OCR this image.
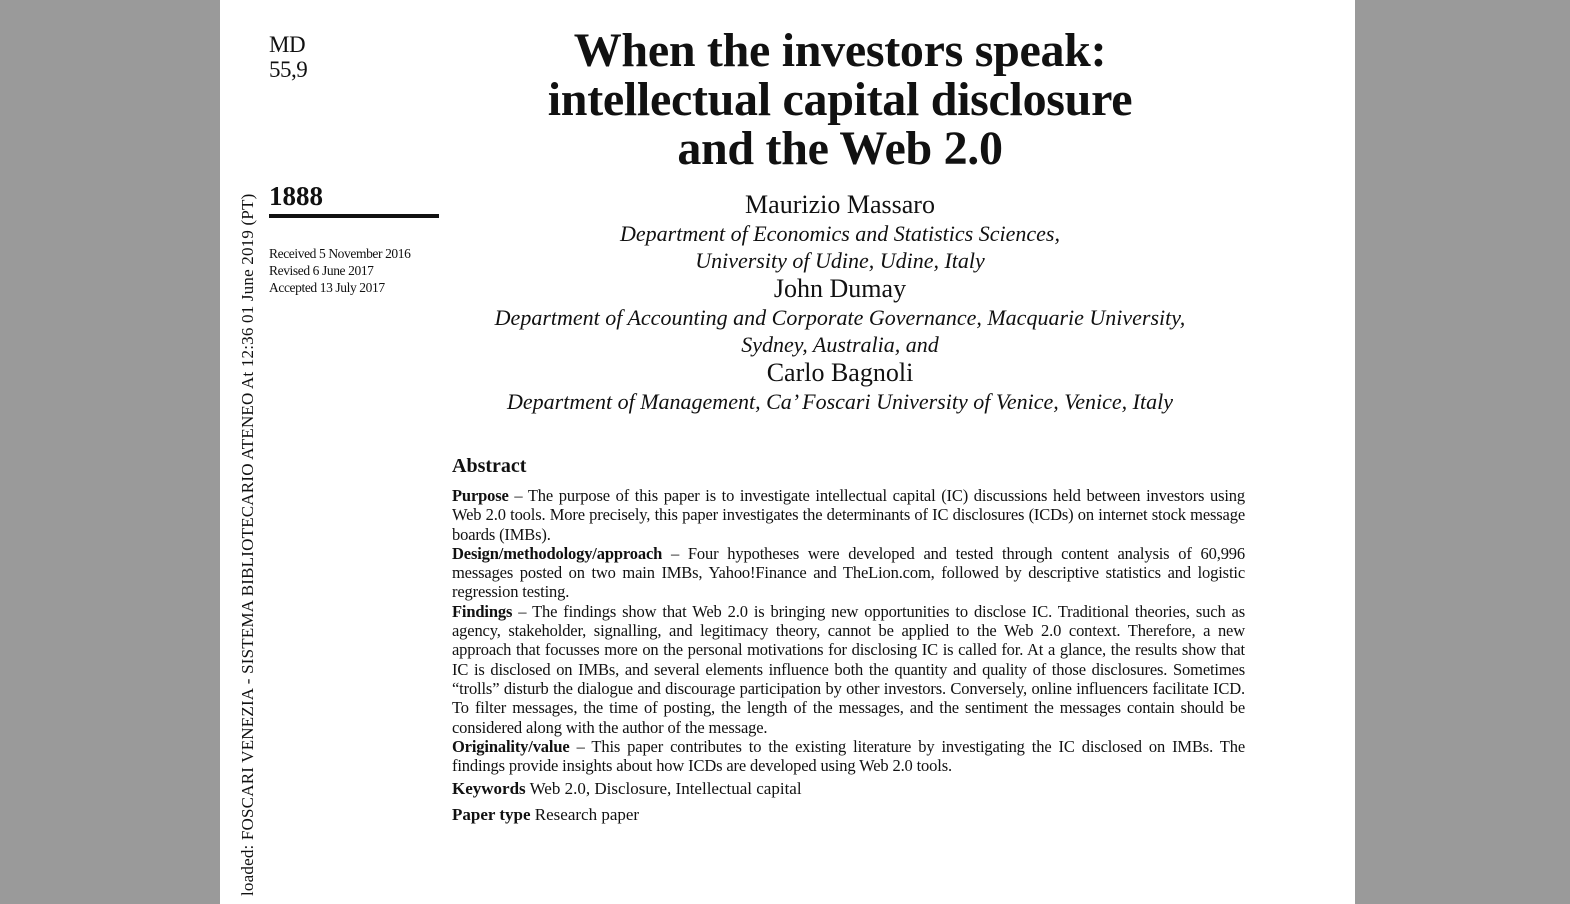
loaded: FOSCARI VENEZIA - SISTEMA BIBLIOTECARIO ATENEO At 12:36 01 June 2019 (PT)
MD
55,9
1888
Received 5 November 2016
Revised 6 June 2017
Accepted 13 July 2017
When the investors speak:
intellectual capital disclosure
and the Web 2.0
Maurizio Massaro
Department of Economics and Statistics Sciences,
University of Udine, Udine, Italy
John Dumay
Department of Accounting and Corporate Governance, Macquarie University,
Sydney, Australia, and
Carlo Bagnoli
Department of Management, Ca’ Foscari University of Venice, Venice, Italy
Abstract
Purpose – The purpose of this paper is to investigate intellectual capital (IC) discussions held between investors using Web 2.0 tools. More precisely, this paper investigates the determinants of IC disclosures (ICDs) on internet stock message boards (IMBs).
Design/methodology/approach – Four hypotheses were developed and tested through content analysis of 60,996 messages posted on two main IMBs, Yahoo!Finance and TheLion.com, followed by descriptive statistics and logistic regression testing.
Findings – The findings show that Web 2.0 is bringing new opportunities to disclose IC. Traditional theories, such as agency, stakeholder, signalling, and legitimacy theory, cannot be applied to the Web 2.0 context. Therefore, a new approach that focusses more on the personal motivations for disclosing IC is called for. At a glance, the results show that IC is disclosed on IMBs, and several elements influence both the quantity and quality of those disclosures. Sometimes “trolls” disturb the dialogue and discourage participation by other investors. Conversely, online influencers facilitate ICD. To filter messages, the time of posting, the length of the messages, and the sentiment the messages contain should be considered along with the author of the message.
Originality/value – This paper contributes to the existing literature by investigating the IC disclosed on IMBs. The findings provide insights about how ICDs are developed using Web 2.0 tools.
Keywords Web 2.0, Disclosure, Intellectual capital
Paper type Research paper
